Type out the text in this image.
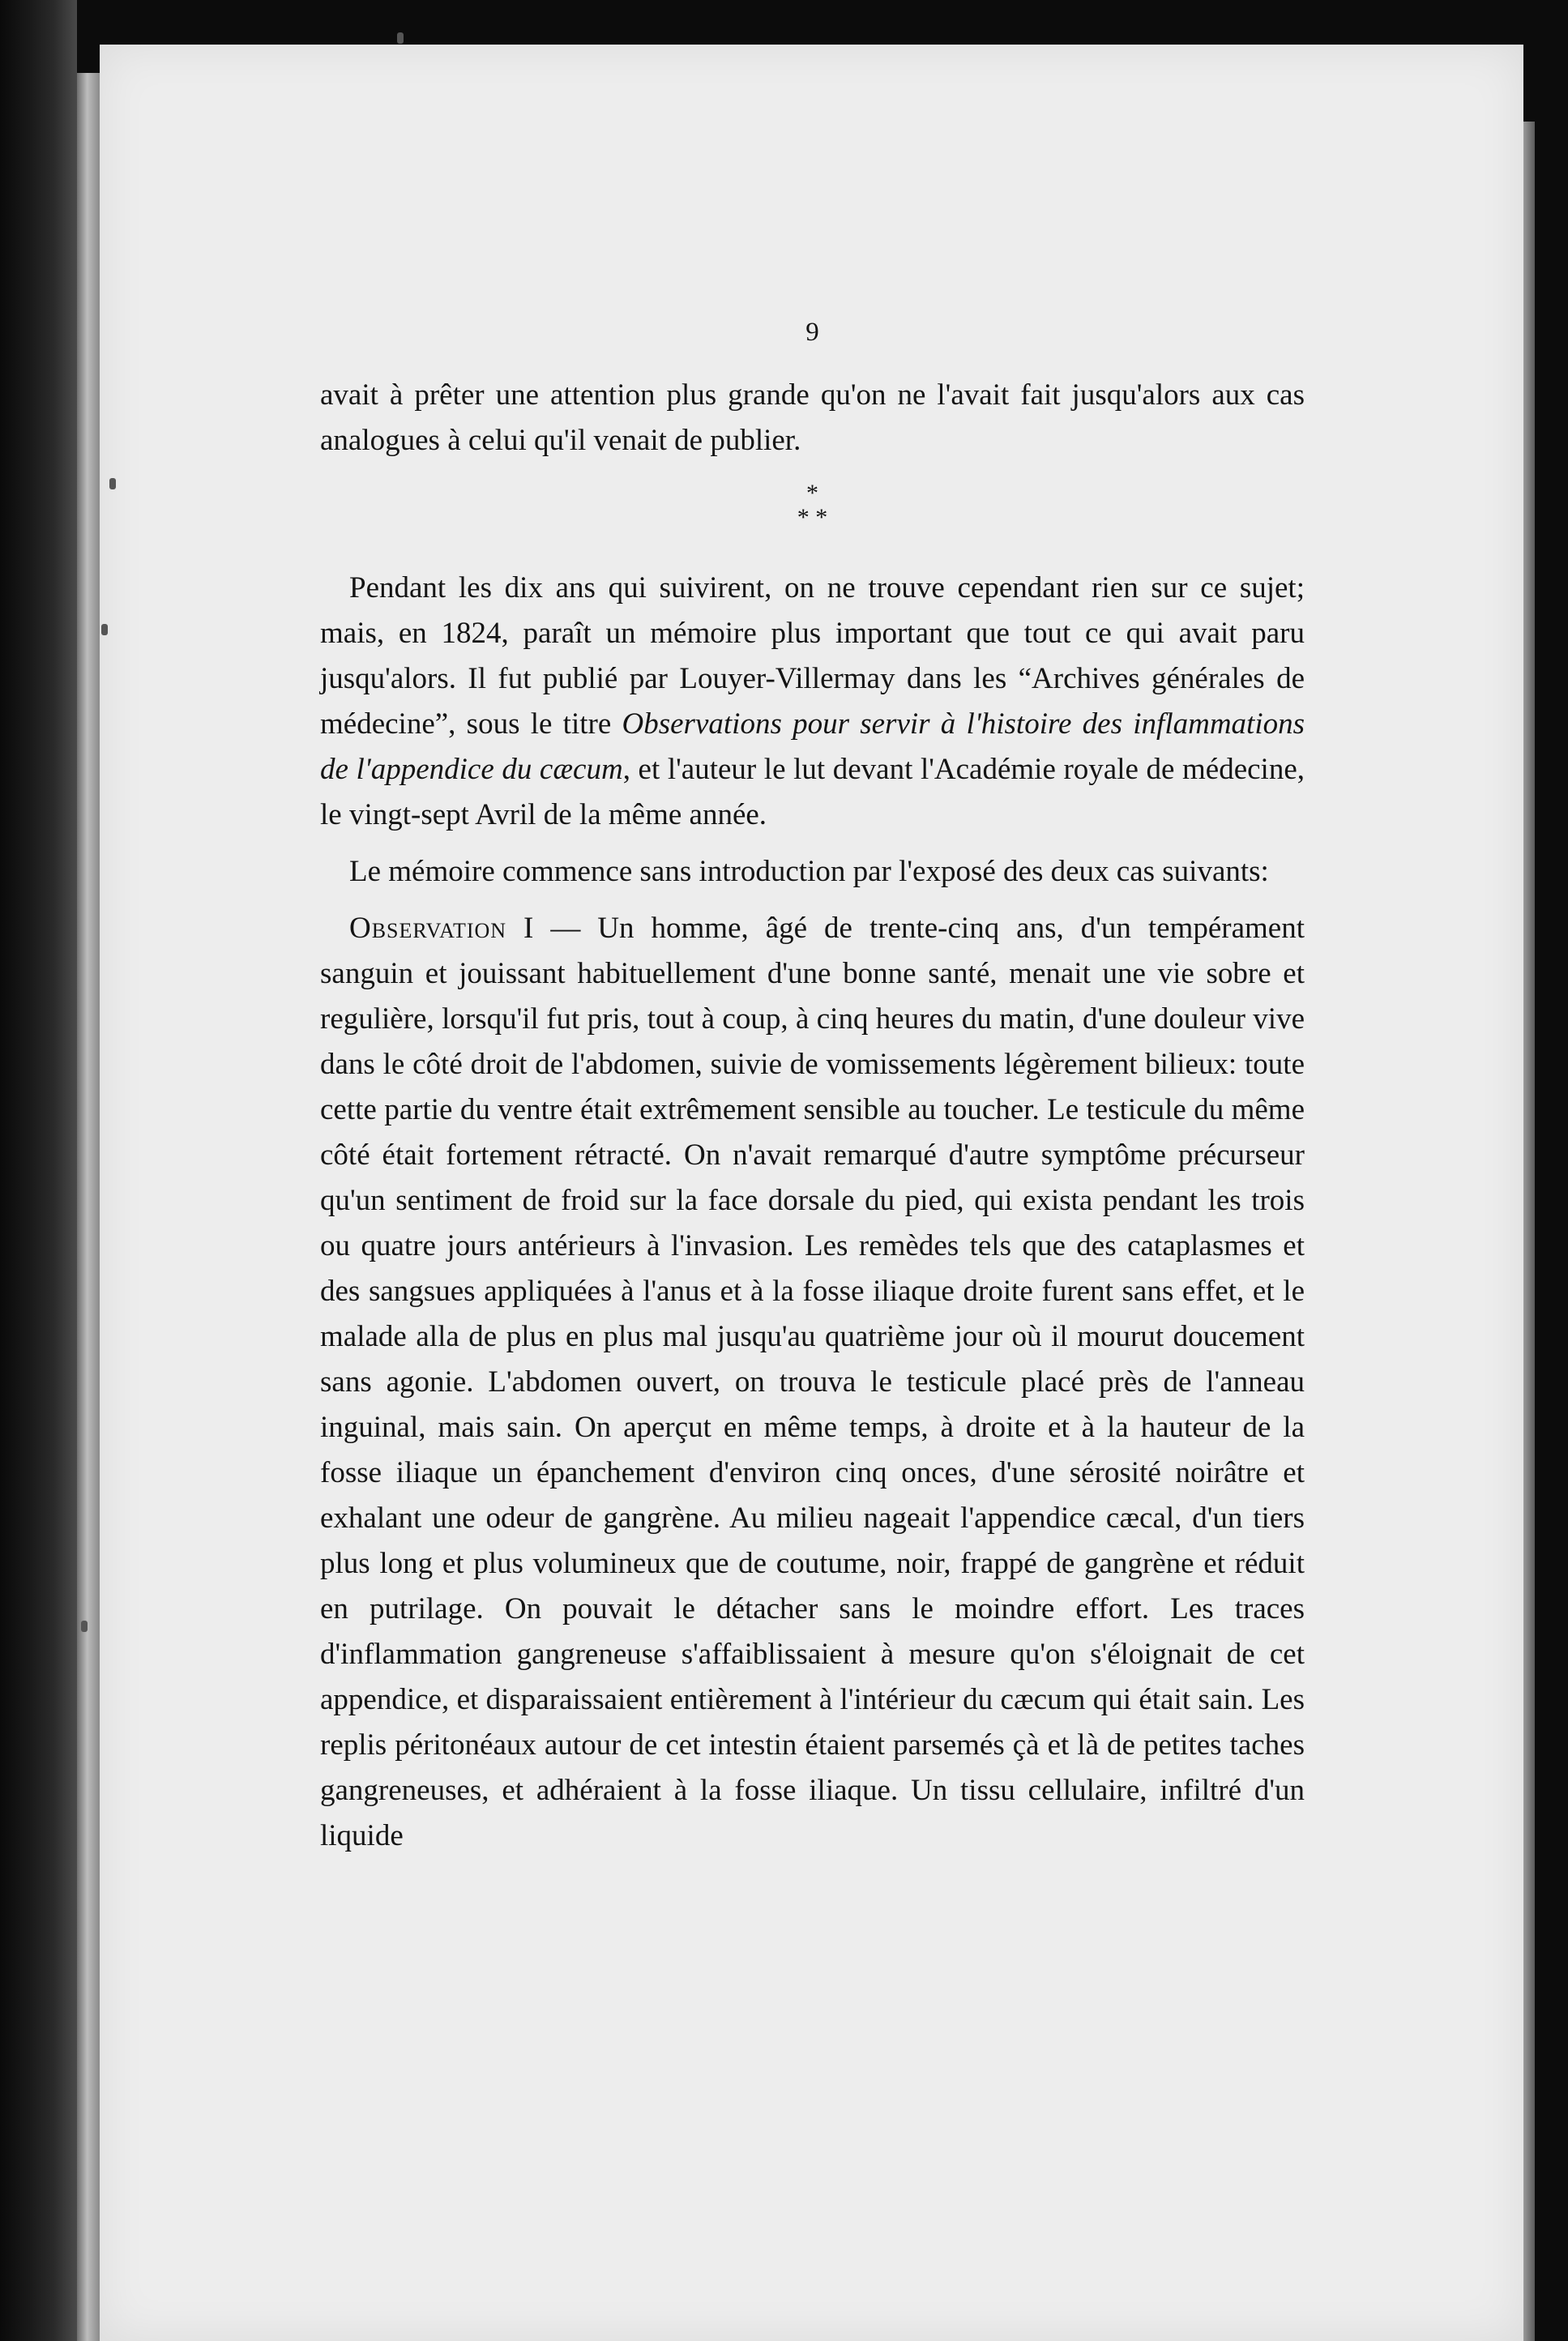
9

avait à prêter une attention plus grande qu'on ne l'avait fait jusqu'alors aux cas analogues à celui qu'il venait de publier.

*
* *

Pendant les dix ans qui suivirent, on ne trouve cependant rien sur ce sujet; mais, en 1824, paraît un mémoire plus important que tout ce qui avait paru jusqu'alors. Il fut publié par Louyer-Villermay dans les “Archives générales de médecine”, sous le titre Observations pour servir à l'histoire des inflammations de l'appendice du cæcum, et l'auteur le lut devant l'Académie royale de médecine, le vingt-sept Avril de la même année.

Le mémoire commence sans introduction par l'exposé des deux cas suivants:

Observation I — Un homme, âgé de trente-cinq ans, d'un tempérament sanguin et jouissant habituellement d'une bonne santé, menait une vie sobre et regulière, lorsqu'il fut pris, tout à coup, à cinq heures du matin, d'une douleur vive dans le côté droit de l'abdomen, suivie de vomissements légèrement bilieux: toute cette partie du ventre était extrêmement sensible au toucher. Le testicule du même côté était fortement rétracté. On n'avait remarqué d'autre symptôme précurseur qu'un sentiment de froid sur la face dorsale du pied, qui exista pendant les trois ou quatre jours antérieurs à l'invasion. Les remèdes tels que des cataplasmes et des sangsues appliquées à l'anus et à la fosse iliaque droite furent sans effet, et le malade alla de plus en plus mal jusqu'au quatrième jour où il mourut doucement sans agonie. L'abdomen ouvert, on trouva le testicule placé près de l'anneau inguinal, mais sain. On aperçut en même temps, à droite et à la hauteur de la fosse iliaque un épanchement d'environ cinq onces, d'une sérosité noirâtre et exhalant une odeur de gangrène. Au milieu nageait l'appendice cæcal, d'un tiers plus long et plus volumineux que de coutume, noir, frappé de gangrène et réduit en putrilage. On pouvait le détacher sans le moindre effort. Les traces d'inflammation gangreneuse s'affaiblissaient à mesure qu'on s'éloignait de cet appendice, et disparaissaient entièrement à l'intérieur du cæcum qui était sain. Les replis péritonéaux autour de cet intestin étaient parsemés çà et là de petites taches gangreneuses, et adhéraient à la fosse iliaque. Un tissu cellulaire, infiltré d'un liquide
